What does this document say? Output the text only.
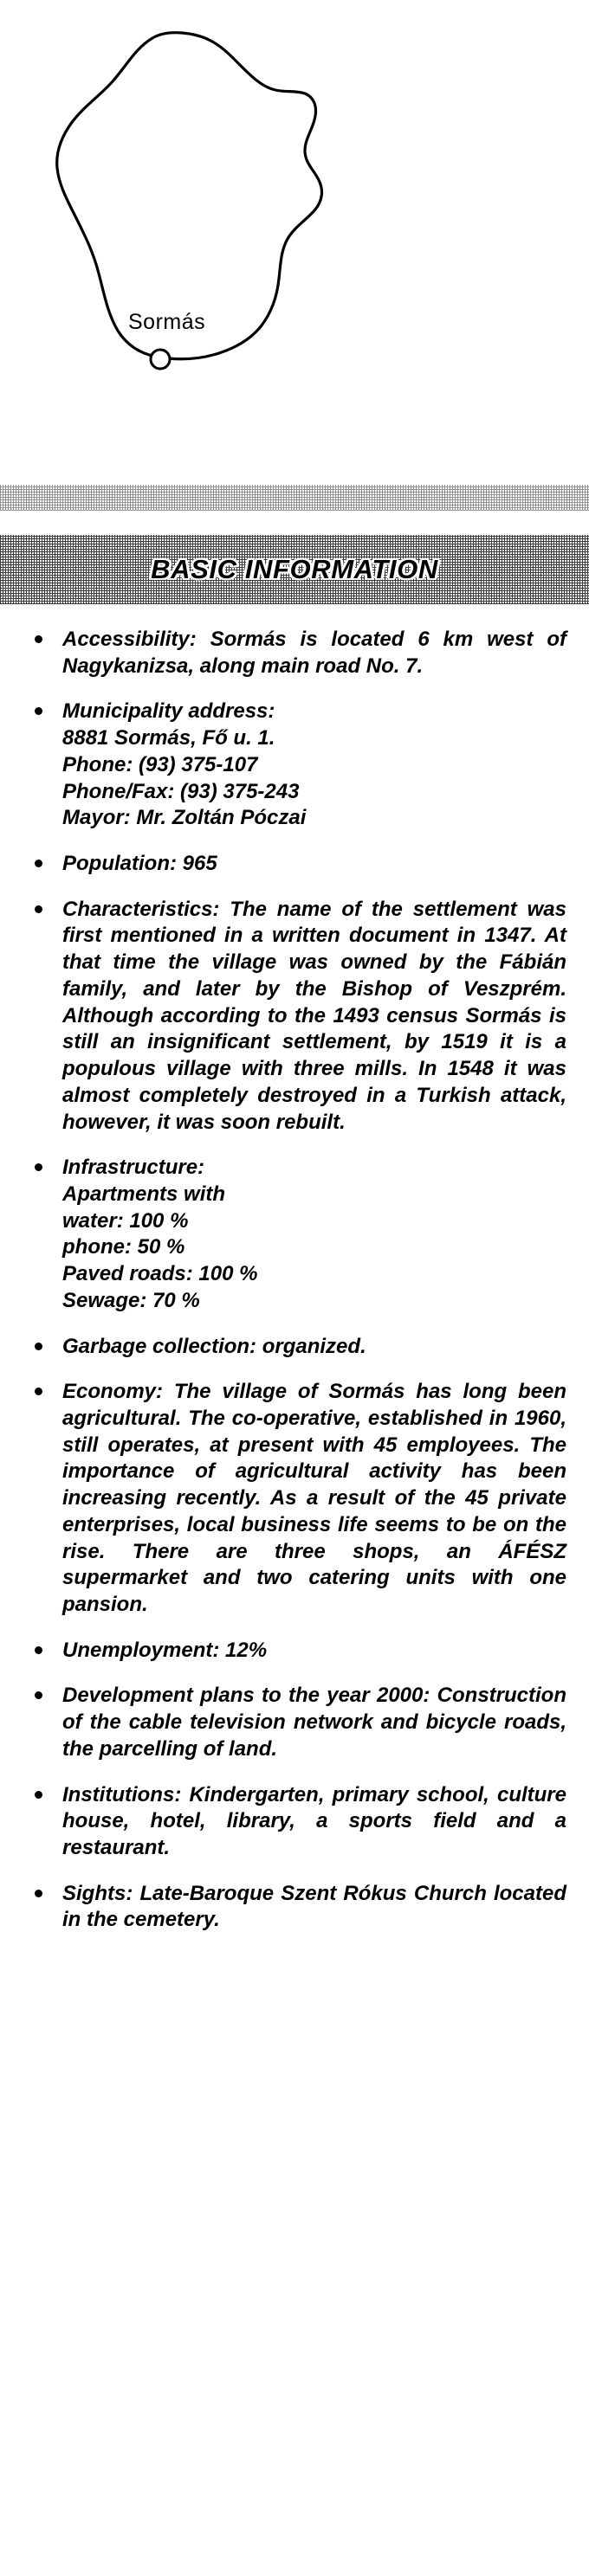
Sormás
BASIC INFORMATION

Accessibility: Sormás is located 6 km west of Nagykanizsa, along main road No. 7.

Municipality address:
8881 Sormás, Fő u. 1.
Phone: (93) 375-107
Phone/Fax: (93) 375-243
Mayor: Mr. Zoltán Póczai

Population: 965

Characteristics: The name of the settlement was first mentioned in a written document in 1347. At that time the village was owned by the Fábián family, and later by the Bishop of Veszprém. Although according to the 1493 census Sormás is still an insignificant settlement, by 1519 it is a populous village with three mills. In 1548 it was almost completely destroyed in a Turkish attack, however, it was soon rebuilt.

Infrastructure:
Apartments with
water: 100 %
phone: 50 %
Paved roads: 100 %
Sewage: 70 %

Garbage collection: organized.

Economy: The village of Sormás has long been agricultural. The co-operative, established in 1960, still operates, at present with 45 employees. The importance of agricultural activity has been increasing recently. As a result of the 45 private enterprises, local business life seems to be on the rise. There are three shops, an ÁFÉSZ supermarket and two catering units with one pansion.

Unemployment: 12%

Development plans to the year 2000: Construction of the cable television network and bicycle roads, the parcelling of land.

Institutions: Kindergarten, primary school, culture house, hotel, library, a sports field and a restaurant.

Sights: Late-Baroque Szent Rókus Church located in the cemetery.
